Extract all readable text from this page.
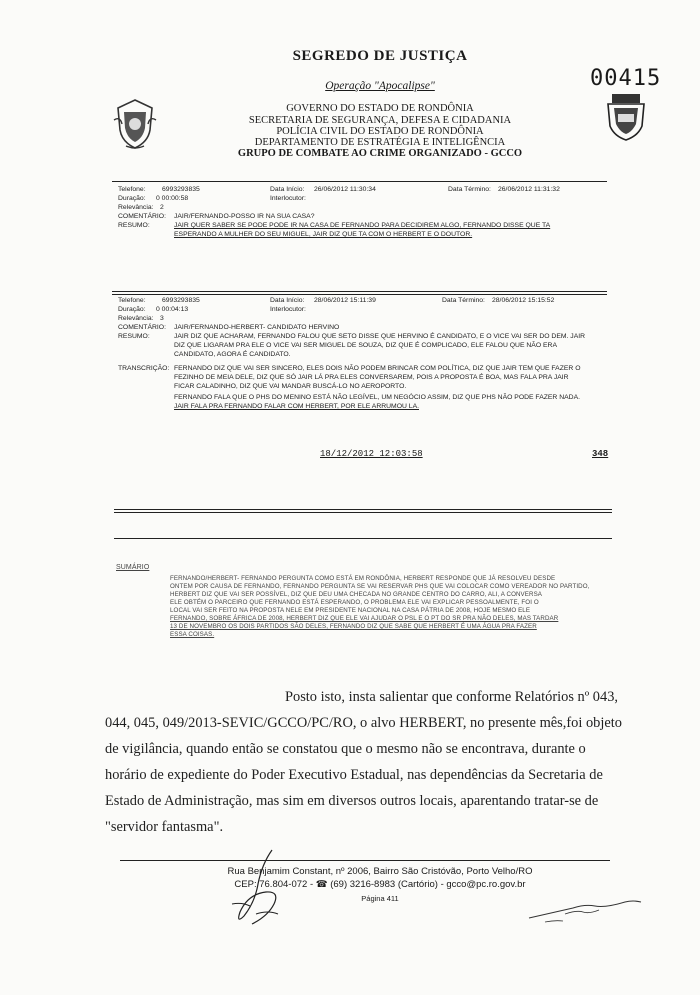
SEGREDO DE JUSTIÇA
Operação "Apocalipse"	00415
GOVERNO DO ESTADO DE RONDÔNIA
SECRETARIA DE SEGURANÇA, DEFESA E CIDADANIA
POLÍCIA CIVIL DO ESTADO DE RONDÔNIA
DEPARTAMENTO DE ESTRATÉGIA E INTELIGÊNCIA
GRUPO DE COMBATE AO CRIME ORGANIZADO - GCCO
Telefone: 6993293835	Data Início: 26/06/2012 11:30:34	Data Término: 26/06/2012 11:31:32
Duração: 0 00:00:58	Interlocutor:
Relevância: 2
COMENTÁRIO: JAIR/FERNANDO-POSSO IR NA SUA CASA?
RESUMO:	JAIR QUER SABER SE PODE PODE IR NA CASA DE FERNANDO PARA DECIDIREM ALGO, FERNANDO DISSE QUE TA
ESPERANDO A MULHER DO SEU MIGUEL, JAIR DIZ QUE TA COM O HERBERT E O DOUTOR.
Telefone: 6993293835	Data Início: 28/06/2012 15:11:39	Data Término: 28/06/2012 15:15:52
Duração: 0 00:04:13	Interlocutor:
Relevância: 3
COMENTÁRIO: JAIR/FERNANDO-HERBERT- CANDIDATO HERVINO
RESUMO:	JAIR DIZ QUE ACHARAM, FERNANDO FALOU QUE SETO DISSE QUE HERVINO É CANDIDATO, E O VICE VAI SER DO DEM. JAIR
DIZ QUE LIGARAM PRA ELE O VICE VAI SER MIGUEL DE SOUZA, DIZ QUE É COMPLICADO, ELE FALOU QUE NÃO ERA
CANDIDATO, AGORA É CANDIDATO.
TRANSCRIÇÃO: FERNANDO DIZ QUE VAI SER SINCERO, ELES DOIS NÃO PODEM BRINCAR COM POLÍTICA, DIZ QUE JAIR TEM QUE FAZER O
FEZINHO DE MEIA DELE, DIZ QUE SÓ JAIR LÁ PRA ELES CONVERSAREM, POIS A PROPOSTA É BOA, MAS FALA PRA JAIR
FICAR CALADINHO, DIZ QUE VAI MANDAR BUSCÁ-LO NO AEROPORTO.
FERNANDO FALA QUE O PHS DO MENINO ESTÁ NÃO LEGÍVEL, UM NEGÓCIO ASSIM, DIZ QUE PHS NÃO PODE FAZER NADA.
JAIR FALA PRA FERNANDO FALAR COM HERBERT, POR ELE ARRUMOU LA.
18/12/2012 12:03:58	348
SUMÁRIO
FERNANDO/HERBERT- FERNANDO PERGUNTA COMO ESTÁ EM RONDÔNIA, HERBERT RESPONDE QUE JÁ RESOLVEU DESDE
ONTEM POR CAUSA DE FERNANDO, FERNANDO PERGUNTA SE VAI RESERVAR PHS QUE VAI COLOCAR COMO VEREADOR NO PARTIDO,
HERBERT DIZ QUE VAI SER POSSÍVEL, DIZ QUE DEU UMA CHECADA NO GRANDE CENTRO DO CARRO, ALI, A CONVERSA
ELE OBTÉM O PARCEIRO QUE FERNANDO ESTÁ ESPERANDO, O PROBLEMA ELE VAI EXPLICAR PESSOALMENTE, FOI O
LOCAL VAI SER FEITO NA PROPOSTA NELE EM PRESIDENTE NACIONAL NA CASA PÁTRIA DE 2008, HOJE MESMO ELE
FERNANDO, SOBRE ÁFRICA DE 2008, HERBERT DIZ QUE ELE VAI AJUDAR O PSL E O PT DO SR PRA NÃO DELES, MAS TARDAR
13 DE NOVEMBRO OS DOIS PARTIDOS SÃO DELES, FERNANDO DIZ QUE SABE QUE HERBERT É UMA ÁGUA PRA FAZER
ESSA COISAS.
Posto isto, insta salientar que conforme Relatórios nº 043,
044, 045, 049/2013-SEVIC/GCCO/PC/RO, o alvo HERBERT, no presente mês,foi objeto
de vigilância, quando então se constatou que o mesmo não se encontrava, durante o
horário de expediente do Poder Executivo Estadual, nas dependências da Secretaria de
Estado de Administração, mas sim em diversos outros locais, aparentando tratar-se de
"servidor fantasma".
Rua Benjamim Constant, nº 2006, Bairro São Cristóvão, Porto Velho/RO
CEP: 76.804-072 - ☎ (69) 3216-8983 (Cartório) - gcco@pc.ro.gov.br
Página 411
